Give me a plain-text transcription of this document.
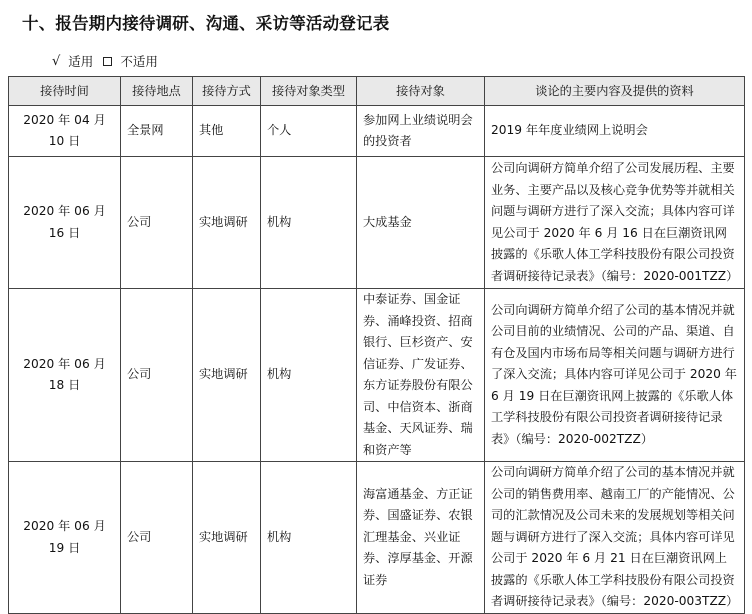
十、报告期内接待调研、沟通、采访等活动登记表
√ 适用 不适用
接待时间	接待地点	接待方式	接待对象类型	接待对象	谈论的主要内容及提供的资料
2020 年 04 月 10 日	全景网	其他	个人	参加网上业绩说明会的投资者	2019 年年度业绩网上说明会
2020 年 06 月 16 日	公司	实地调研	机构	大成基金	公司向调研方简单介绍了公司发展历程、主要业务、主要产品以及核心竞争优势等并就相关问题与调研方进行了深入交流；具体内容可详见公司于 2020 年 6 月 16 日在巨潮资讯网披露的《乐歌人体工学科技股份有限公司投资者调研接待记录表》（编号：2020-001TZZ）
2020 年 06 月 18 日	公司	实地调研	机构	中泰证券、国金证券、涌峰投资、招商银行、巨杉资产、安信证券、广发证券、东方证券股份有限公司、中信资本、浙商基金、天风证券、瑞和资产等	公司向调研方简单介绍了公司的基本情况并就公司目前的业绩情况、公司的产品、渠道、自有仓及国内市场布局等相关问题与调研方进行了深入交流；具体内容可详见公司于 2020 年 6 月 19 日在巨潮资讯网上披露的《乐歌人体工学科技股份有限公司投资者调研接待记录表》（编号：2020-002TZZ）
2020 年 06 月 19 日	公司	实地调研	机构	海富通基金、方正证券、国盛证券、农银汇理基金、兴业证券、淳厚基金、开源证券	公司向调研方简单介绍了公司的基本情况并就公司的销售费用率、越南工厂的产能情况、公司的汇款情况及公司未来的发展规划等相关问题与调研方进行了深入交流；具体内容可详见公司于 2020 年 6 月 21 日在巨潮资讯网上披露的《乐歌人体工学科技股份有限公司投资者调研接待记录表》（编号：2020-003TZZ）
